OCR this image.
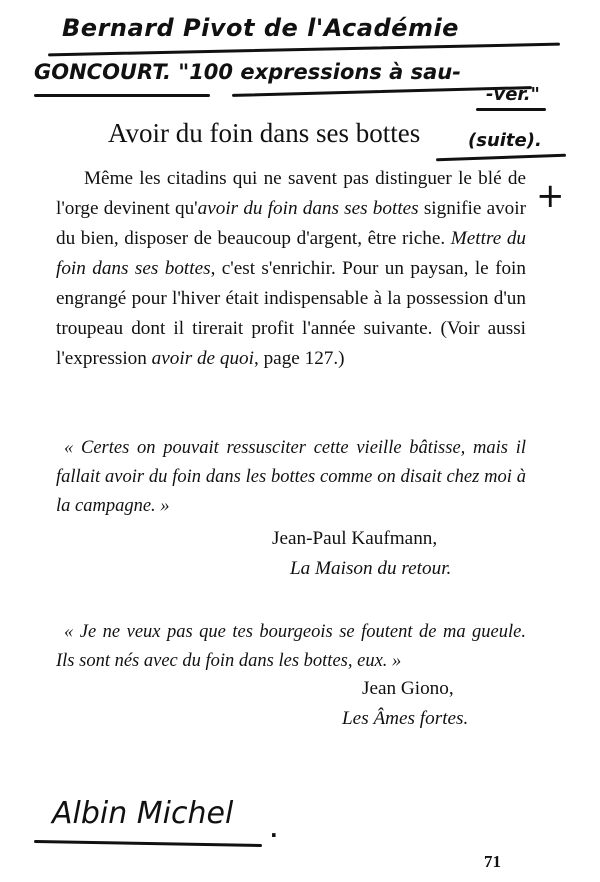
Bernard Pivot de l'Académie
GONCOURT. "100 expressions à sau-
-ver."
Avoir du foin dans ses bottes	(suite).
+

Même les citadins qui ne savent pas distinguer le blé de l'orge devinent qu'avoir du foin dans ses bottes signifie avoir du bien, disposer de beaucoup d'argent, être riche. Mettre du foin dans ses bottes, c'est s'enrichir. Pour un paysan, le foin engrangé pour l'hiver était indispensable à la possession d'un troupeau dont il tirerait profit l'année suivante. (Voir aussi l'expression avoir de quoi, page 127.)

« Certes on pouvait ressusciter cette vieille bâtisse, mais il fallait avoir du foin dans les bottes comme on disait chez moi à la campagne. »

Jean-Paul Kaufmann,
La Maison du retour.

« Je ne veux pas que tes bourgeois se foutent de ma gueule. Ils sont nés avec du foin dans les bottes, eux. »

Jean Giono,
Les Âmes fortes.
Albin Michel .
71
